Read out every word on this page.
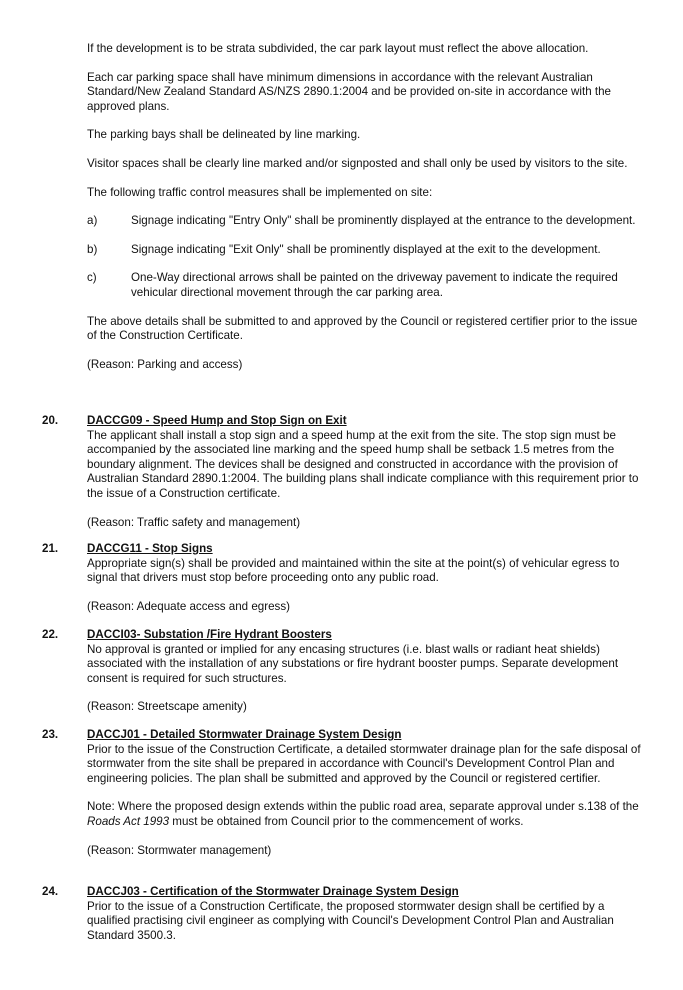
If the development is to be strata subdivided, the car park layout must reflect the above allocation.

Each car parking space shall have minimum dimensions in accordance with the relevant Australian Standard/New Zealand Standard AS/NZS 2890.1:2004 and be provided on-site in accordance with the approved plans.

The parking bays shall be delineated by line marking.

Visitor spaces shall be clearly line marked and/or signposted and shall only be used by visitors to the site.

The following traffic control measures shall be implemented on site:

a)	Signage indicating "Entry Only" shall be prominently displayed at the entrance to the development.
b)	Signage indicating "Exit Only" shall be prominently displayed at the exit to the development.
c)	One-Way directional arrows shall be painted on the driveway pavement to indicate the required vehicular directional movement through the car parking area.

The above details shall be submitted to and approved by the Council or registered certifier prior to the issue of the Construction Certificate.

(Reason: Parking and access)

20.	DACCG09 - Speed Hump and Stop Sign on Exit

The applicant shall install a stop sign and a speed hump at the exit from the site. The stop sign must be accompanied by the associated line marking and the speed hump shall be setback 1.5 metres from the boundary alignment. The devices shall be designed and constructed in accordance with the provision of Australian Standard 2890.1:2004. The building plans shall indicate compliance with this requirement prior to the issue of a Construction certificate.

(Reason: Traffic safety and management)

21.	DACCG11 - Stop Signs

Appropriate sign(s) shall be provided and maintained within the site at the point(s) of vehicular egress to signal that drivers must stop before proceeding onto any public road.

(Reason: Adequate access and egress)

22.	DACCI03- Substation /Fire Hydrant Boosters

No approval is granted or implied for any encasing structures (i.e. blast walls or radiant heat shields) associated with the installation of any substations or fire hydrant booster pumps. Separate development consent is required for such structures.

(Reason: Streetscape amenity)

23.	DACCJ01 - Detailed Stormwater Drainage System Design

Prior to the issue of the Construction Certificate, a detailed stormwater drainage plan for the safe disposal of stormwater from the site shall be prepared in accordance with Council's Development Control Plan and engineering policies. The plan shall be submitted and approved by the Council or registered certifier.

Note: Where the proposed design extends within the public road area, separate approval under s.138 of the Roads Act 1993 must be obtained from Council prior to the commencement of works.

(Reason: Stormwater management)

24.	DACCJ03 - Certification of the Stormwater Drainage System Design

Prior to the issue of a Construction Certificate, the proposed stormwater design shall be certified by a qualified practising civil engineer as complying with Council's Development Control Plan and Australian Standard 3500.3.
